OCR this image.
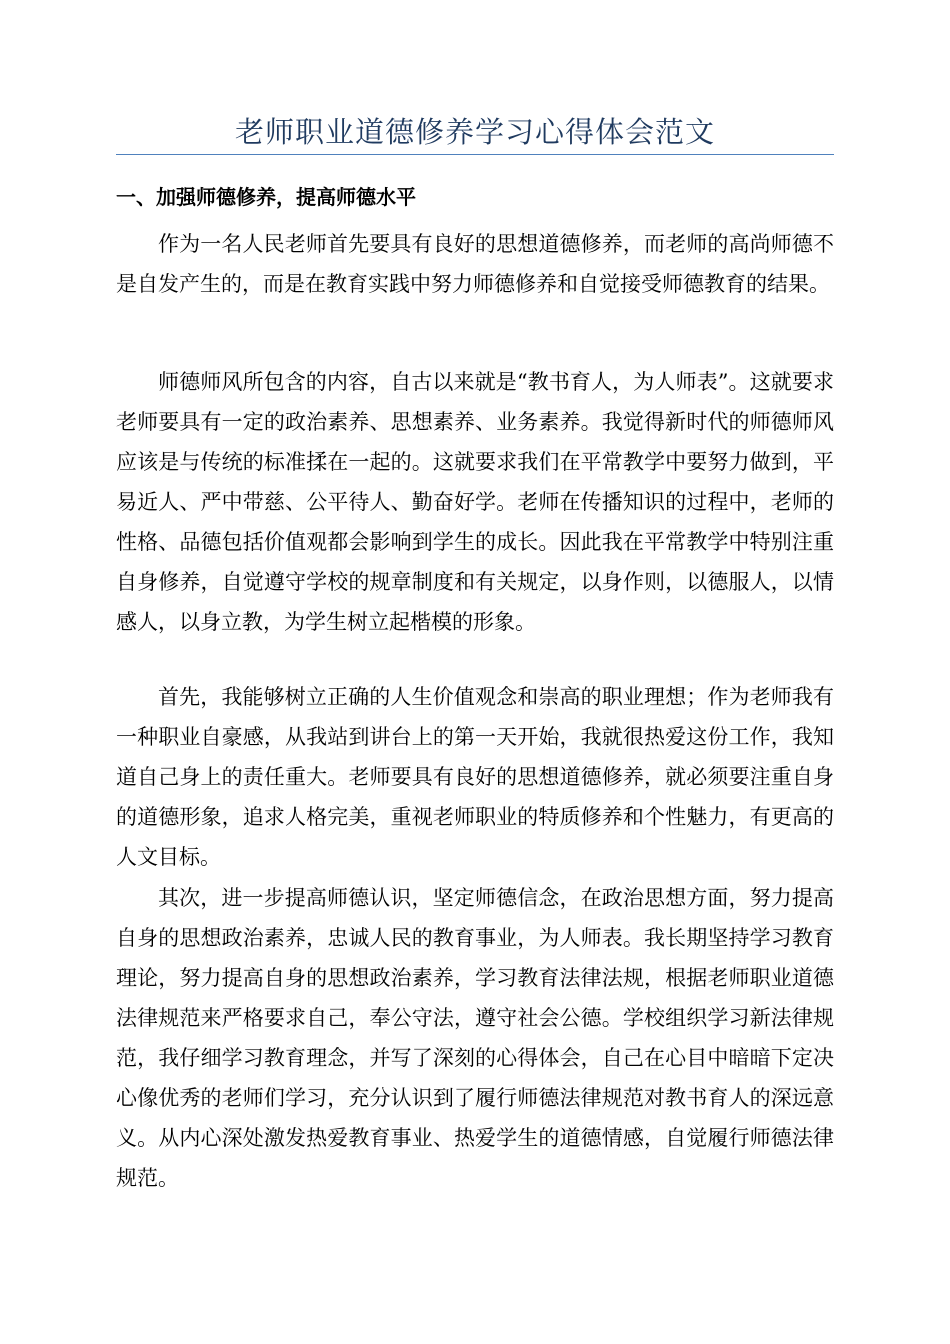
老师职业道德修养学习心得体会范文
一、加强师德修养，提高师德水平

作为一名人民老师首先要具有良好的思想道德修养，而老师的高尚师德不是自发产生的，而是在教育实践中努力师德修养和自觉接受师德教育的结果。

师德师风所包含的内容，自古以来就是“教书育人，为人师表”。这就要求老师要具有一定的政治素养、思想素养、业务素养。我觉得新时代的师德师风应该是与传统的标准揉在一起的。这就要求我们在平常教学中要努力做到，平易近人、严中带慈、公平待人、勤奋好学。老师在传播知识的过程中，老师的性格、品德包括价值观都会影响到学生的成长。因此我在平常教学中特别注重自身修养，自觉遵守学校的规章制度和有关规定，以身作则，以德服人，以情感人，以身立教，为学生树立起楷模的形象。

首先，我能够树立正确的人生价值观念和崇高的职业理想；作为老师我有一种职业自豪感，从我站到讲台上的第一天开始，我就很热爱这份工作，我知道自己身上的责任重大。老师要具有良好的思想道德修养，就必须要注重自身的道德形象，追求人格完美，重视老师职业的特质修养和个性魅力，有更高的人文目标。

其次，进一步提高师德认识，坚定师德信念，在政治思想方面，努力提高自身的思想政治素养，忠诚人民的教育事业，为人师表。我长期坚持学习教育理论，努力提高自身的思想政治素养，学习教育法律法规，根据老师职业道德法律规范来严格要求自己，奉公守法，遵守社会公德。学校组织学习新法律规范，我仔细学习教育理念，并写了深刻的心得体会，自己在心目中暗暗下定决心像优秀的老师们学习，充分认识到了履行师德法律规范对教书育人的深远意义。从内心深处激发热爱教育事业、热爱学生的道德情感，自觉履行师德法律规范。
